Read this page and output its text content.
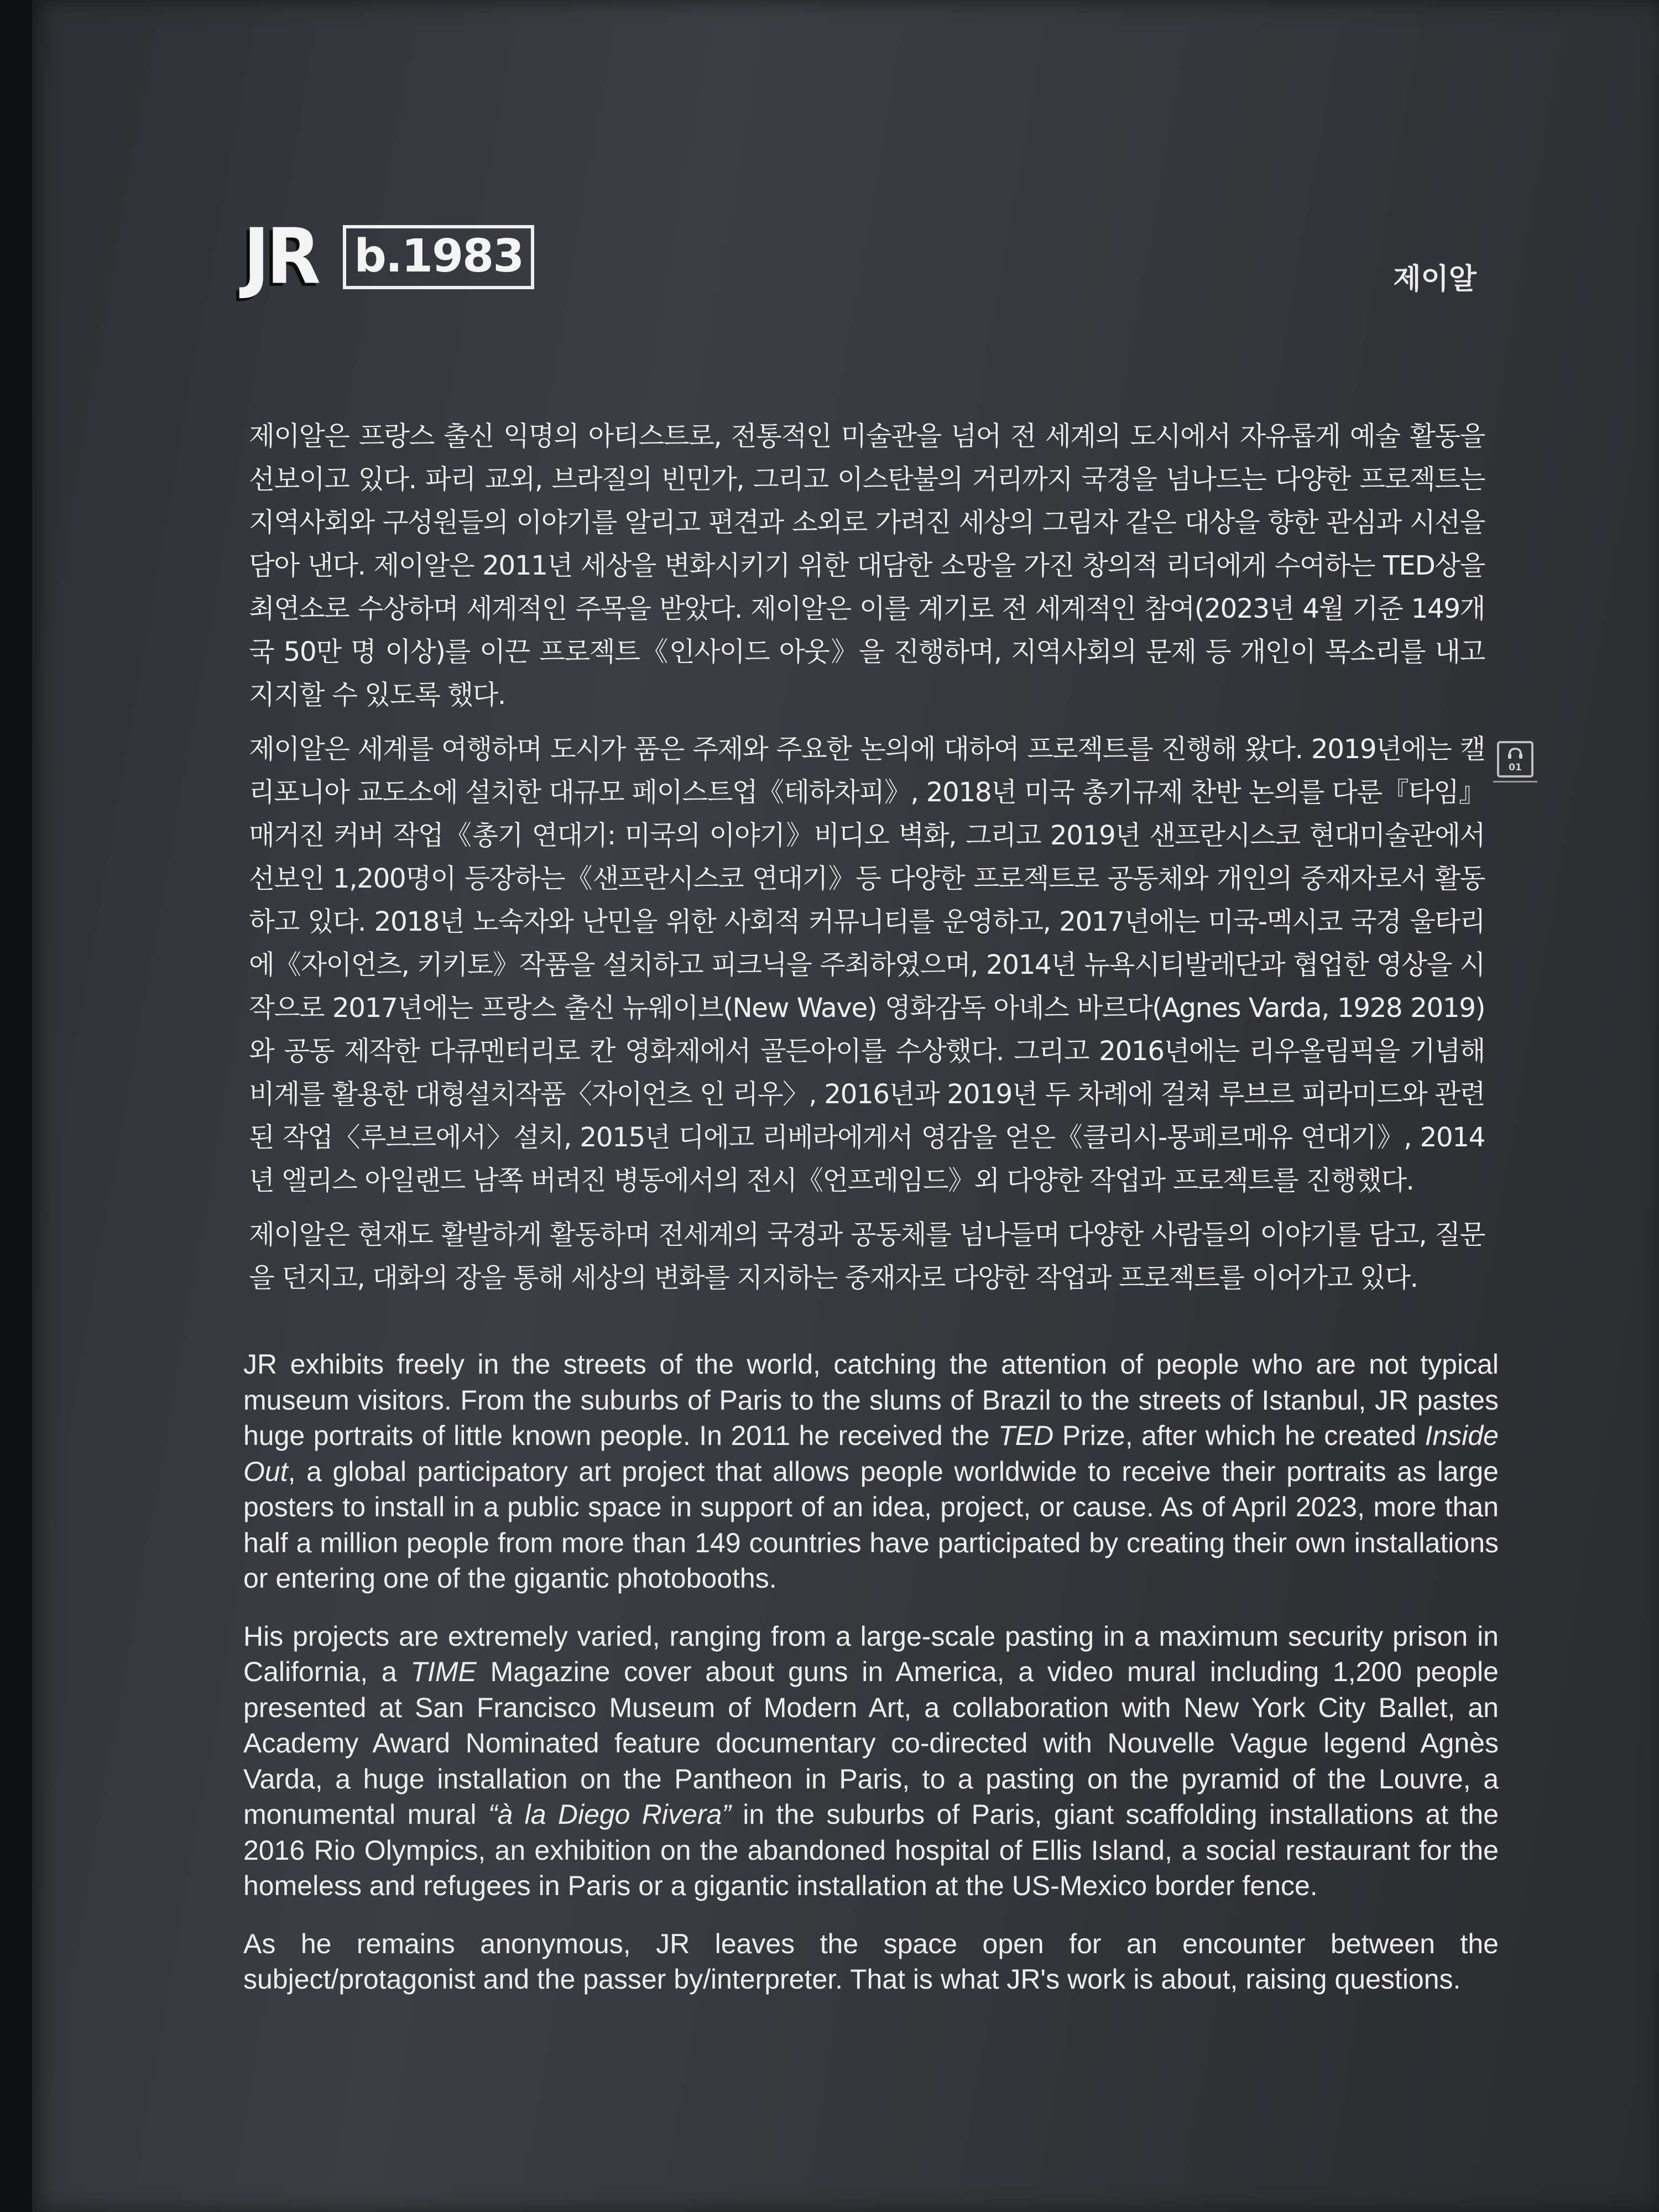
JR b.1983	제이알

제이알은 프랑스 출신 익명의 아티스트로, 전통적인 미술관을 넘어 전 세계의 도시에서 자유롭게 예술 활동을 선보이고 있다. 파리 교외, 브라질의 빈민가, 그리고 이스탄불의 거리까지 국경을 넘나드는 다양한 프로젝트는 지역사회와 구성원들의 이야기를 알리고 편견과 소외로 가려진 세상의 그림자 같은 대상을 향한 관심과 시선을 담아 낸다. 제이알은 2011년 세상을 변화시키기 위한 대담한 소망을 가진 창의적 리더에게 수여하는 TED상을 최연소로 수상하며 세계적인 주목을 받았다. 제이알은 이를 계기로 전 세계적인 참여(2023년 4월 기준 149개국 50만 명 이상)를 이끈 프로젝트《인사이드 아웃》을 진행하며, 지역사회의 문제 등 개인이 목소리를 내고 지지할 수 있도록 했다.

제이알은 세계를 여행하며 도시가 품은 주제와 주요한 논의에 대하여 프로젝트를 진행해 왔다. 2019년에는 캘리포니아 교도소에 설치한 대규모 페이스트업《테하차피》, 2018년 미국 총기규제 찬반 논의를 다룬『타임』 매거진 커버 작업《총기 연대기: 미국의 이야기》비디오 벽화, 그리고 2019년 샌프란시스코 현대미술관에서 선보인 1,200명이 등장하는《샌프란시스코 연대기》등 다양한 프로젝트로 공동체와 개인의 중재자로서 활동하고 있다. 2018년 노숙자와 난민을 위한 사회적 커뮤니티를 운영하고, 2017년에는 미국-멕시코 국경 울타리에《자이언츠, 키키토》작품을 설치하고 피크닉을 주최하였으며, 2014년 뉴욕시티발레단과 협업한 영상을 시작으로 2017년에는 프랑스 출신 뉴웨이브(New Wave) 영화감독 아녜스 바르다(Agnes Varda, 1928 2019)와 공동 제작한 다큐멘터리로 칸 영화제에서 골든아이를 수상했다. 그리고 2016년에는 리우올림픽을 기념해 비계를 활용한 대형설치작품〈자이언츠 인 리우〉, 2016년과 2019년 두 차례에 걸쳐 루브르 피라미드와 관련된 작업〈루브르에서〉설치, 2015년 디에고 리베라에게서 영감을 얻은《클리시-몽페르메유 연대기》, 2014년 엘리스 아일랜드 남쪽 버려진 병동에서의 전시《언프레임드》외 다양한 작업과 프로젝트를 진행했다.

제이알은 현재도 활발하게 활동하며 전세계의 국경과 공동체를 넘나들며 다양한 사람들의 이야기를 담고, 질문을 던지고, 대화의 장을 통해 세상의 변화를 지지하는 중재자로 다양한 작업과 프로젝트를 이어가고 있다.

01

JR exhibits freely in the streets of the world, catching the attention of people who are not typical museum visitors. From the suburbs of Paris to the slums of Brazil to the streets of Istanbul, JR pastes huge portraits of little known people. In 2011 he received the TED Prize, after which he created Inside Out, a global participatory art project that allows people worldwide to receive their portraits as large posters to install in a public space in support of an idea, project, or cause. As of April 2023, more than half a million people from more than 149 countries have participated by creating their own installations or entering one of the gigantic photobooths.

His projects are extremely varied, ranging from a large-scale pasting in a maximum security prison in California, a TIME Magazine cover about guns in America, a video mural including 1,200 people presented at San Francisco Museum of Modern Art, a collaboration with New York City Ballet, an Academy Award Nominated feature documentary co-directed with Nouvelle Vague legend Agnès Varda, a huge installation on the Pantheon in Paris, to a pasting on the pyramid of the Louvre, a monumental mural “à la Diego Rivera” in the suburbs of Paris, giant scaffolding installations at the 2016 Rio Olympics, an exhibition on the abandoned hospital of Ellis Island, a social restaurant for the homeless and refugees in Paris or a gigantic installation at the US-Mexico border fence.

As he remains anonymous, JR leaves the space open for an encounter between the subject/protagonist and the passer by/interpreter. That is what JR's work is about, raising questions.
